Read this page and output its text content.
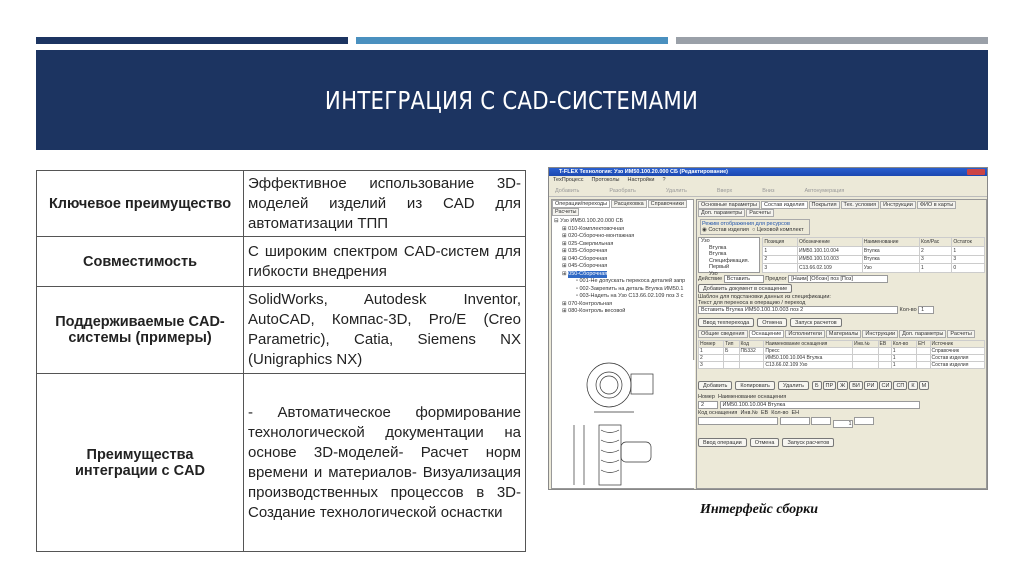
ИНТЕГРАЦИЯ С CAD-СИСТЕМАМИ
Ключевое преимущество	Эффективное использование 3D-моделей изделий из CAD для автоматизации ТПП
Совместимость	С широким спектром CAD-систем для гибкости внедрения
Поддерживаемые CAD-системы (примеры)	SolidWorks, Autodesk Inventor, AutoCAD, Компас-3D, Pro/E (Creo Parametric), Catia, Siemens NX (Unigraphics NX)
Преимущества интеграции с CAD	- Автоматическое формирование технологической документации на основе 3D-моделей- Расчет норм времени и материалов- Визуализация производственных процессов в 3D- Создание технологической оснастки
T-FLEX Технология: Узо ИМ50.100.20.000 СБ (Редактирование)
ТехПроцесс Протоколы Настройки ?
Добавить	Разобрать	Удалить	Вверх	Вниз	Автонумерация
Операции/переходы Расцеховка СправочникиРасчеты
⊟ Узо ИМ50.100.20.000 СБ
⊞ 010-Комплектовочная
⊞ 020-Сборочно-монтажная
⊞ 025-Сверлильная
⊞ 035-Сборочная
⊞ 040-Сборочная
⊞ 045-Сборочная
⊞ 050-Сборочная
▫ 001-Не допускать перекоса деталей запр
▫ 002-Закрепить на деталь Втулка ИМ50.1
▫ 003-Надеть на Узо С13.66.02.109 поз 3 с
⊞ 070-Контрольная
⊞ 080-Контроль весовой
Основные параметры Состав изделия Покрытия Тех. условия Инструкции ФИО в картыДоп. параметры Расчеты
Режим отображения для ресурсов
◉ Состав изделия  ○ Цеховой комплект
Узо
Втулка
Втулка
Спецификация. Первый
Узо
Позиция	Обозначение	Наименование	Кол/Рас	Остаток
1	ИМ50.100.10.004	Втулка	2	1
2	ИМ50.100.10.003	Втулка	3	3
3	С13.66.02.109	Узо	1	0
Действие Вставить	Предлог [Наим] [Обозн] поз [Поз] Добавить документ в оснащение
Шаблон для подстановки данных из спецификации:
Текст для переноса в операцию / переход
Вставить Втулка ИМ50.100.10.003 поз 2	Кол-во 1
Ввод техперехода Отмена Запуск расчетов
Общие сведения Оснащение Исполнители Материалы Инструкции Доп. параметры Расчеты
Номер	Тип	Код	Наименование оснащения	Инв.№	ЕВ	Кол-во	ЕН	Источник
1	Б	ПБ332	Пресс			1		Справочник
2			ИМ50.100.10.004 Втулка			1		Состав изделия
3			С13.66.02.109 Узо			1		Состав изделия
Добавить Копировать Удалить Б ПР Ж ВИ РИ СИ СП К М
Номер Наименование оснащения
2	ИМ50.100.10.004 Втулка
Код оснащения Инв.№ ЕВ Кол-во ЕН
1
Ввод операции Отмена Запуск расчетов
Интерфейс сборки
